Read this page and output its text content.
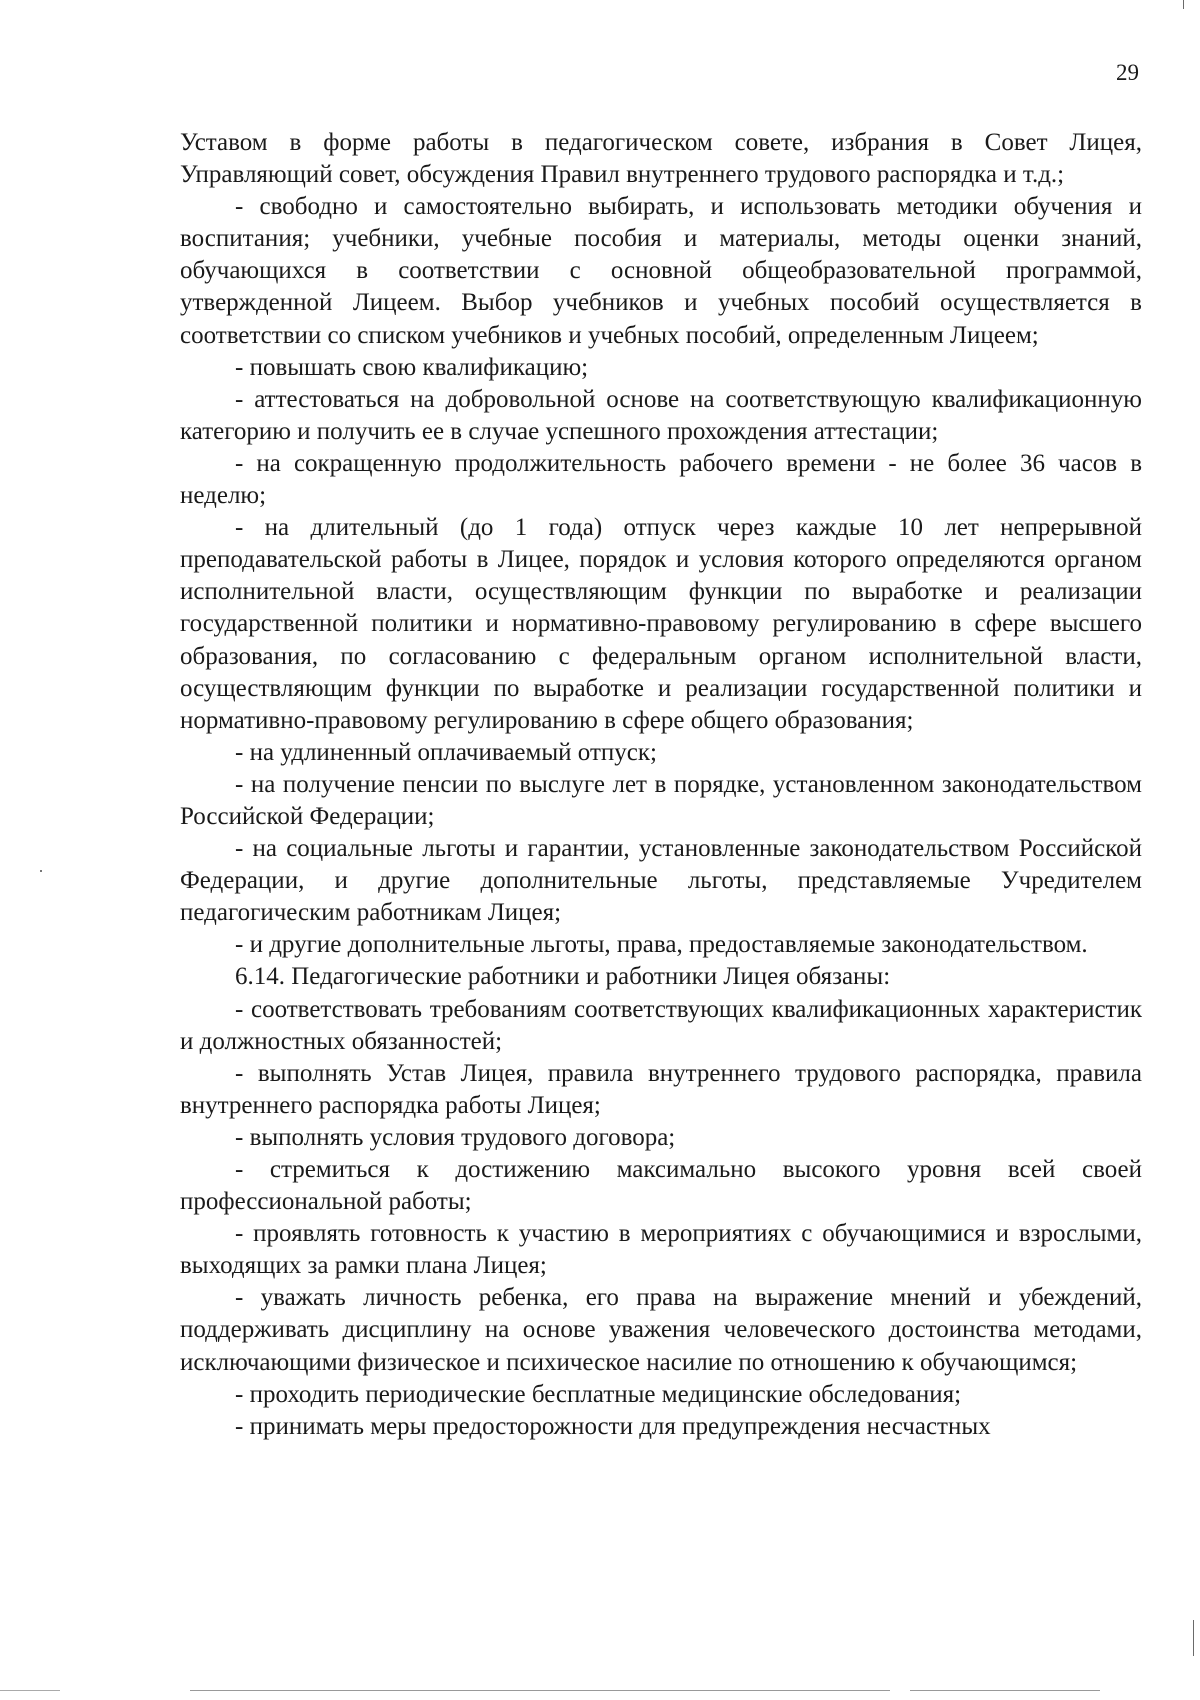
29

Уставом в форме работы в педагогическом совете, избрания в Совет Лицея, Управляющий совет, обсуждения Правил внутреннего трудового распорядка и т.д.;

- свободно и самостоятельно выбирать, и использовать методики обучения и воспитания; учебники, учебные пособия и материалы, методы оценки знаний, обучающихся в соответствии с основной общеобразовательной программой, утвержденной Лицеем. Выбор учебников и учебных пособий осуществляется в соответствии со списком учебников и учебных пособий, определенным Лицеем;

- повышать свою квалификацию;

- аттестоваться на добровольной основе на соответствующую квалификационную категорию и получить ее в случае успешного прохождения аттестации;

- на сокращенную продолжительность рабочего времени - не более 36 часов в неделю;

- на длительный (до 1 года) отпуск через каждые 10 лет непрерывной преподавательской работы в Лицее, порядок и условия которого определяются органом исполнительной власти, осуществляющим функции по выработке и реализации государственной политики и нормативно-правовому регулированию в сфере высшего образования, по согласованию с федеральным органом исполнительной власти, осуществляющим функции по выработке и реализации государственной политики и нормативно-правовому регулированию в сфере общего образования;

- на удлиненный оплачиваемый отпуск;

- на получение пенсии по выслуге лет в порядке, установленном законодательством Российской Федерации;

- на социальные льготы и гарантии, установленные законодательством Российской Федерации, и другие дополнительные льготы, представляемые Учредителем педагогическим работникам Лицея;

- и другие дополнительные льготы, права, предоставляемые законодательством.

6.14. Педагогические работники и работники Лицея обязаны:

- соответствовать требованиям соответствующих квалификационных характеристик и должностных обязанностей;

- выполнять Устав Лицея, правила внутреннего трудового распорядка, правила внутреннего распорядка работы Лицея;

- выполнять условия трудового договора;

- стремиться к достижению максимально высокого уровня всей своей профессиональной работы;

- проявлять готовность к участию в мероприятиях с обучающимися и взрослыми, выходящих за рамки плана Лицея;

- уважать личность ребенка, его права на выражение мнений и убеждений, поддерживать дисциплину на основе уважения человеческого достоинства методами, исключающими физическое и психическое насилие по отношению к обучающимся;

- проходить периодические бесплатные медицинские обследования;

- принимать меры предосторожности для предупреждения несчастных
